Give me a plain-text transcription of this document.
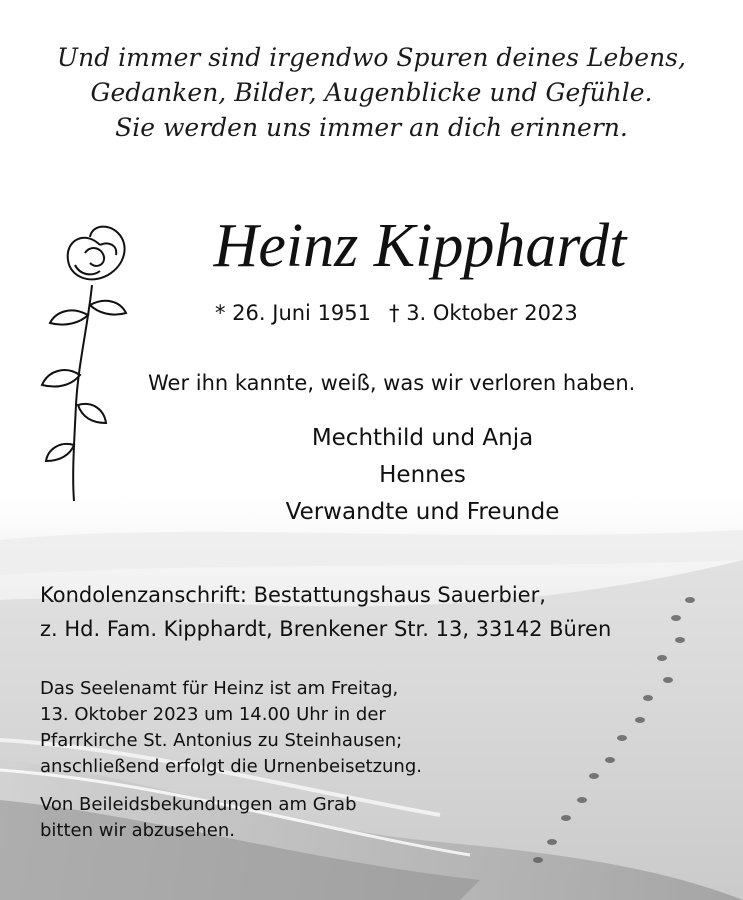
Und immer sind irgendwo Spuren deines Lebens,
Gedanken, Bilder, Augenblicke und Gefühle.
Sie werden uns immer an dich erinnern.
Heinz Kipphardt
* 26. Juni 1951 † 3. Oktober 2023
Wer ihn kannte, weiß, was wir verloren haben.
Mechthild und Anja
Hennes
Verwandte und Freunde
Kondolenzanschrift: Bestattungshaus Sauerbier,
z. Hd. Fam. Kipphardt, Brenkener Str. 13, 33142 Büren
Das Seelenamt für Heinz ist am Freitag,
13. Oktober 2023 um 14.00 Uhr in der
Pfarrkirche St. Antonius zu Steinhausen;
anschließend erfolgt die Urnenbeisetzung.
Von Beileidsbekundungen am Grab
bitten wir abzusehen.
